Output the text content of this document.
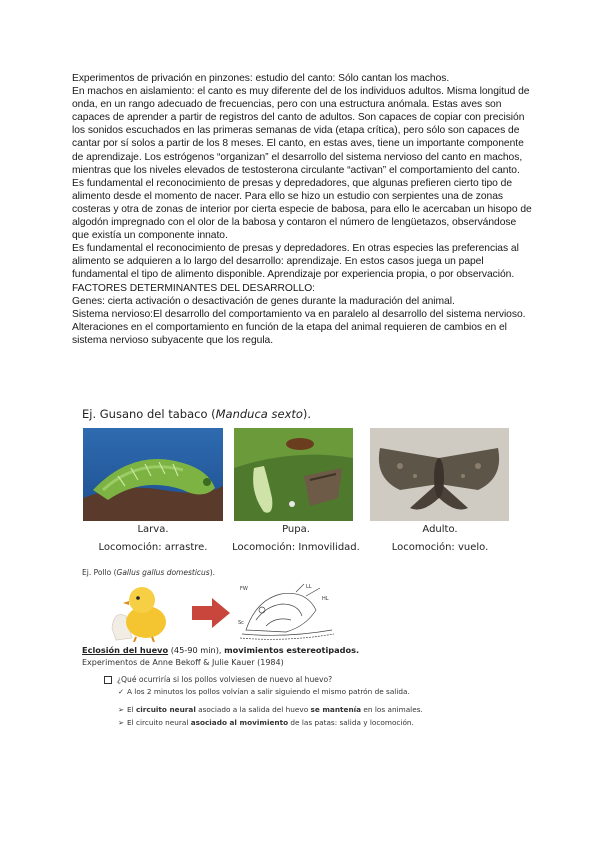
Experimentos de privación en pinzones: estudio del canto: Sólo cantan los machos.

En machos en aislamiento: el canto es muy diferente del de los individuos adultos. Misma longitud de onda, en un rango adecuado de frecuencias, pero con una estructura anómala. Estas aves son capaces de aprender a partir de registros del canto de adultos. Son capaces de copiar con precisión los sonidos escuchados en las primeras semanas de vida (etapa crítica), pero sólo son capaces de cantar por sí solos a partir de los 8 meses. El canto, en estas aves, tiene un importante componente de aprendizaje. Los estrógenos “organizan” el desarrollo del sistema nervioso del canto en machos, mientras que los niveles elevados de testosterona circulante “activan” el comportamiento del canto.

Es fundamental el reconocimiento de presas y depredadores, que algunas prefieren cierto tipo de alimento desde el momento de nacer. Para ello se hizo un estudio con serpientes una de zonas costeras y otra de zonas de interior por cierta especie de babosa, para ello le acercaban un hisopo de algodón impregnado con el olor de la babosa y contaron el número de lengüetazos, observándose que existía un componente innato.

Es fundamental el reconocimiento de presas y depredadores. En otras especies las preferencias al alimento se adquieren a lo largo del desarrollo: aprendizaje. En estos casos juega un papel fundamental el tipo de alimento disponible. Aprendizaje por experiencia propia, o por observación.

FACTORES DETERMINANTES DEL DESARROLLO:

Genes: cierta activación o desactivación de genes durante la maduración del animal.

Sistema nervioso:El desarrollo del comportamiento va en paralelo al desarrollo del sistema nervioso. Alteraciones en el comportamiento en función de la etapa del animal requieren de cambios en el sistema nervioso subyacente que los regula.

Ej. Gusano del tabaco (Manduca sexto).
Larva.	Pupa.	Adulto.
Locomoción: arrastre.	Locomoción: Inmovilidad.	Locomoción: vuelo.
Ej. Pollo (Gallus gallus domesticus).
FW	LL
HL
Sc
Eclosión del huevo (45-90 min), movimientos estereotipados.
Experimentos de Anne Bekoff & Julie Kauer (1984)
¿Qué ocurriría si los pollos volviesen de nuevo al huevo?
✓ A los 2 minutos los pollos volvían a salir siguiendo el mismo patrón de salida.
➢ El circuito neural asociado a la salida del huevo se mantenía en los animales.
➢ El circuito neural asociado al movimiento de las patas: salida y locomoción.
